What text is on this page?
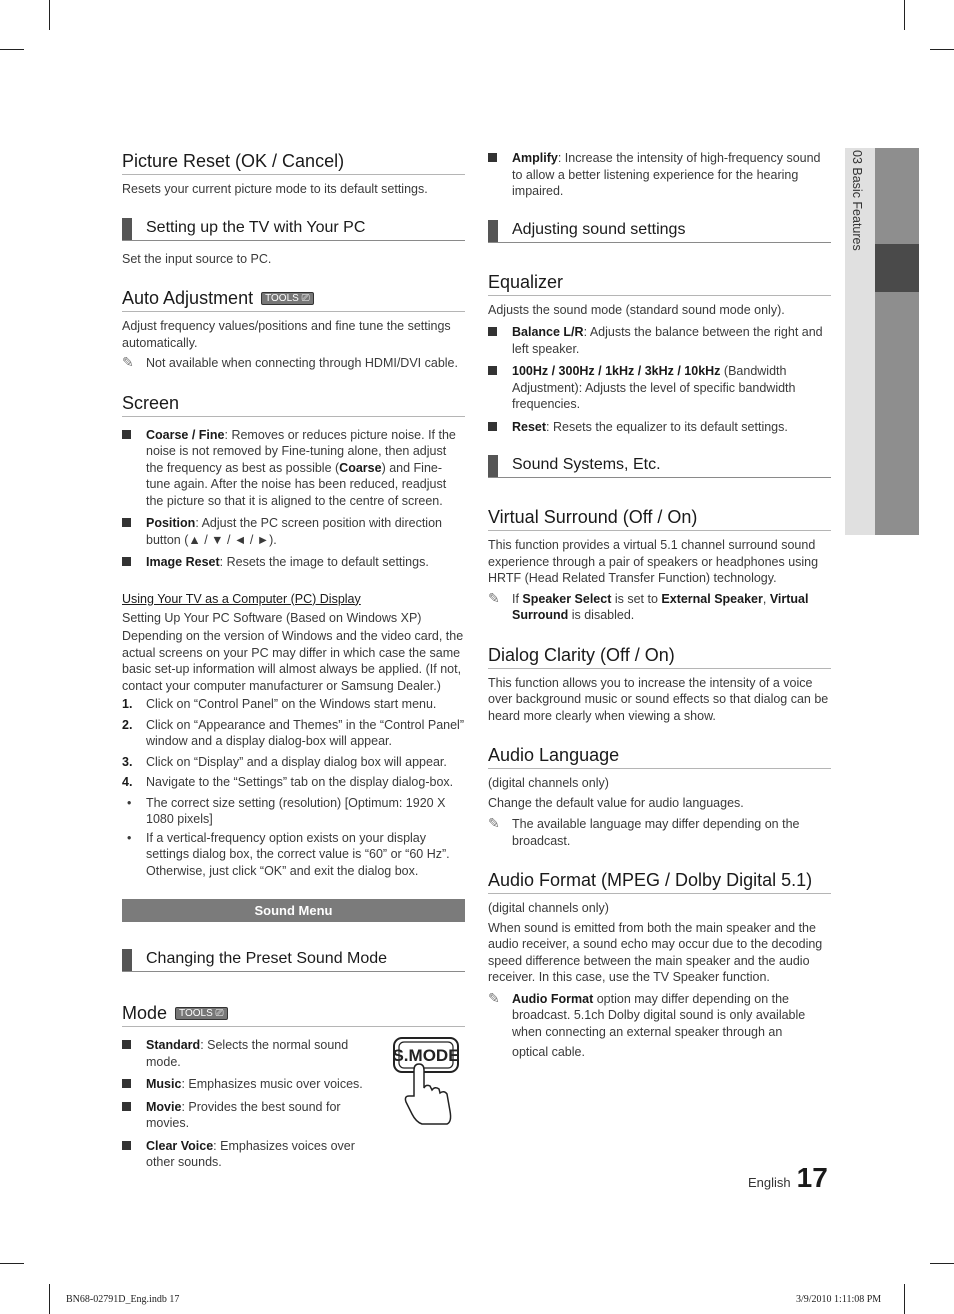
Picture Reset (OK / Cancel)
Resets your current picture mode to its default settings.
Setting up the TV with Your PC
Set the input source to PC.
Auto Adjustment	TOOLS ⎚
Adjust frequency values/positions and fine tune the settings automatically.
✎ Not available when connecting through HDMI/DVI cable.
Screen
Coarse / Fine: Removes or reduces picture noise. If the noise is not removed by Fine-tuning alone, then adjust the frequency as best as possible (Coarse) and Fine-tune again. After the noise has been reduced, readjust the picture so that it is aligned to the centre of screen.
Position: Adjust the PC screen position with direction button (▲ / ▼ / ◄ / ►).
Image Reset: Resets the image to default settings.
Using Your TV as a Computer (PC) Display
Setting Up Your PC Software (Based on Windows XP)
Depending on the version of Windows and the video card, the actual screens on your PC may differ in which case the same basic set-up information will almost always be applied. (If not, contact your computer manufacturer or Samsung Dealer.)
1. Click on “Control Panel” on the Windows start menu.
2. Click on “Appearance and Themes” in the “Control Panel” window and a display dialog-box will appear.
3. Click on “Display” and a display dialog box will appear.
4. Navigate to the “Settings” tab on the display dialog-box.
• The correct size setting (resolution) [Optimum: 1920 X 1080 pixels]
• If a vertical-frequency option exists on your display settings dialog box, the correct value is “60” or “60 Hz”. Otherwise, just click “OK” and exit the dialog box.
Sound Menu
Changing the Preset Sound Mode
Mode	TOOLS ⎚
Standard: Selects the normal sound mode.
Music: Emphasizes music over voices.
Movie: Provides the best sound for movies.
Clear Voice: Emphasizes voices over other sounds.
S.MODE
Amplify: Increase the intensity of high-frequency sound to allow a better listening experience for the hearing impaired.
Adjusting sound settings
Equalizer
Adjusts the sound mode (standard sound mode only).
Balance L/R: Adjusts the balance between the right and left speaker.
100Hz / 300Hz / 1kHz / 3kHz / 10kHz (Bandwidth Adjustment): Adjusts the level of specific bandwidth frequencies.
Reset: Resets the equalizer to its default settings.
Sound Systems, Etc.
Virtual Surround (Off / On)
This function provides a virtual 5.1 channel surround sound experience through a pair of speakers or headphones using HRTF (Head Related Transfer Function) technology.
✎ If Speaker Select is set to External Speaker, Virtual Surround is disabled.
Dialog Clarity (Off / On)
This function allows you to increase the intensity of a voice over background music or sound effects so that dialog can be heard more clearly when viewing a show.
Audio Language
(digital channels only)
Change the default value for audio languages.
✎ The available language may differ depending on the broadcast.
Audio Format (MPEG / Dolby Digital 5.1)
(digital channels only)
When sound is emitted from both the main speaker and the audio receiver, a sound echo may occur due to the decoding speed difference between the main speaker and the audio receiver. In this case, use the TV Speaker function.
✎ Audio Format option may differ depending on the broadcast. 5.1ch Dolby digital sound is only available when connecting an external speaker through an
optical cable.
03 Basic Features
English 17
BN68-02791D_Eng.indb 17	3/9/2010 1:11:08 PM
